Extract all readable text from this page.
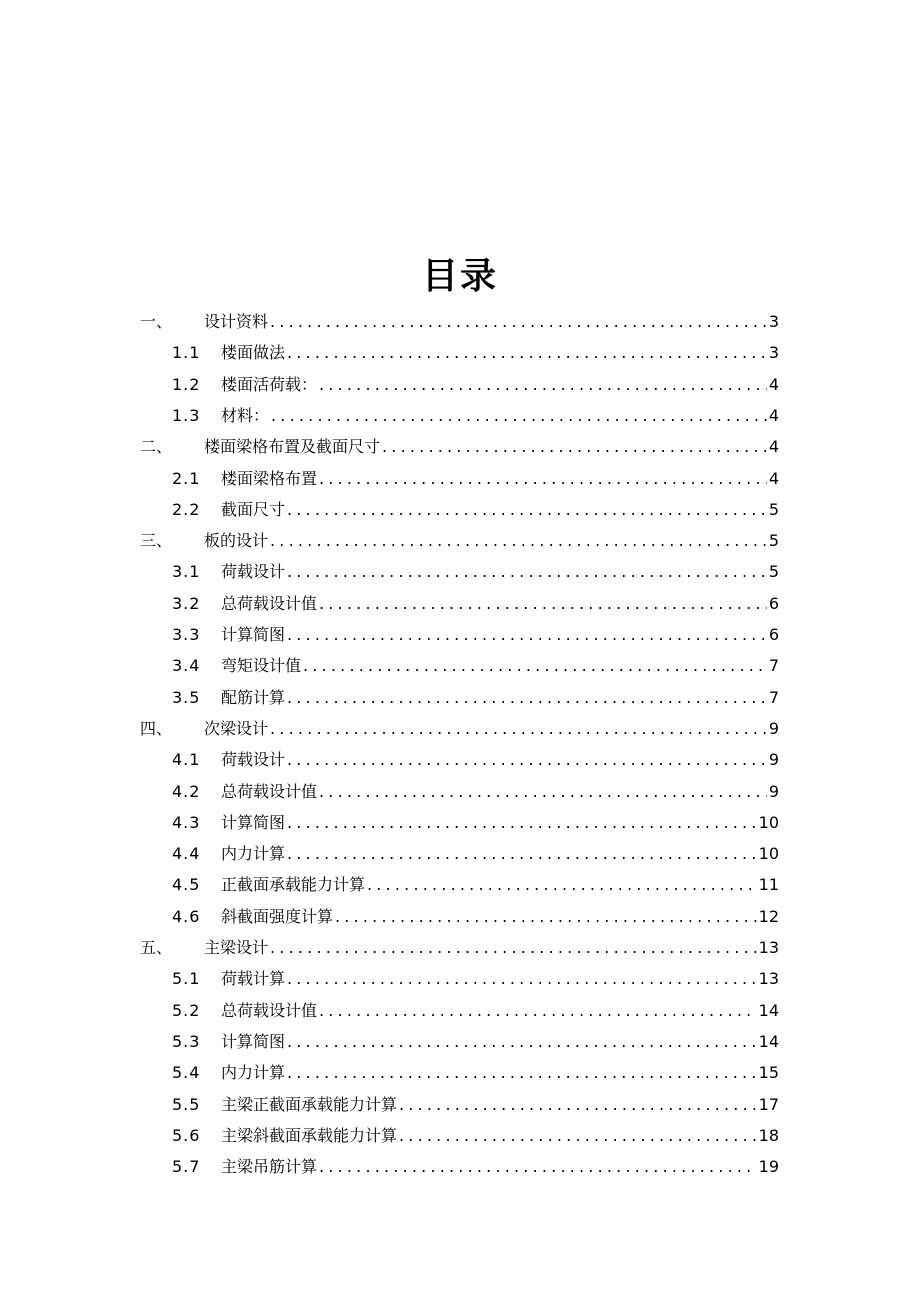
目录
一、	设计资料 .....	3
1.1	楼面做法 .....	3
1.2	楼面活荷载： .....	4
1.3	材料： .....	4
二、	楼面梁格布置及截面尺寸 .....	4
2.1	楼面梁格布置 .....	4
2.2	截面尺寸 .....	5
三、	板的设计 .....	5
3.1	荷载设计 .....	5
3.2	总荷载设计值 .....	6
3.3	计算简图 .....	6
3.4	弯矩设计值 .....	7
3.5	配筋计算 .....	7
四、	次梁设计 .....	9
4.1	荷载设计 .....	9
4.2	总荷载设计值 .....	9
4.3	计算简图 .....	10
4.4	内力计算 .....	10
4.5	正截面承载能力计算 .....	11
4.6	斜截面强度计算 .....	12
五、	主梁设计 .....	13
5.1	荷载计算 .....	13
5.2	总荷载设计值 .....	14
5.3	计算简图 .....	14
5.4	内力计算 .....	15
5.5	主梁正截面承载能力计算 .....	17
5.6	主梁斜截面承载能力计算 .....	18
5.7	主梁吊筋计算 .....	19
